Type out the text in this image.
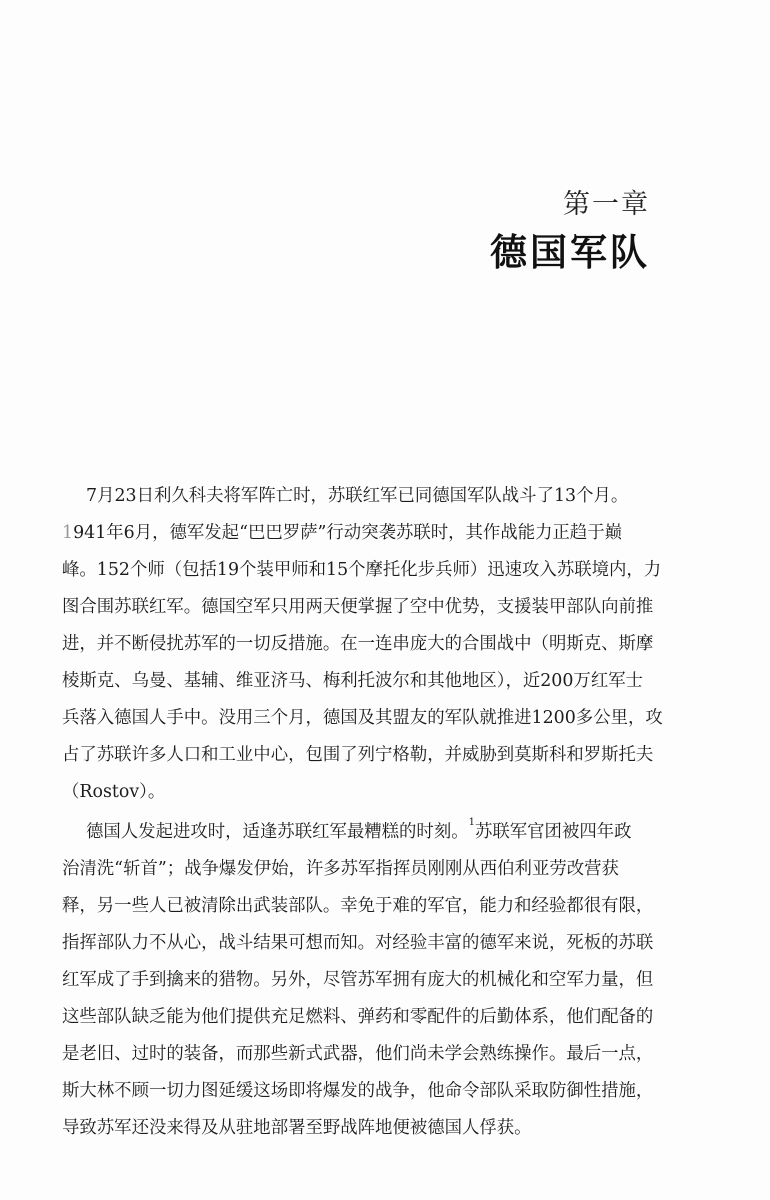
第一章
德国军队
7月23日利久科夫将军阵亡时，苏联红军已同德国军队战斗了13个月。
1941年6月，德军发起“巴巴罗萨”行动突袭苏联时，其作战能力正趋于巅
峰。152个师（包括19个装甲师和15个摩托化步兵师）迅速攻入苏联境内，力
图合围苏联红军。德国空军只用两天便掌握了空中优势，支援装甲部队向前推
进，并不断侵扰苏军的一切反措施。在一连串庞大的合围战中（明斯克、斯摩
棱斯克、乌曼、基辅、维亚济马、梅利托波尔和其他地区），近200万红军士
兵落入德国人手中。没用三个月，德国及其盟友的军队就推进1200多公里，攻
占了苏联许多人口和工业中心，包围了列宁格勒，并威胁到莫斯科和罗斯托夫
（Rostov）。
德国人发起进攻时，适逢苏联红军最糟糕的时刻。$^1$苏联军官团被四年政
治清洗“斩首”；战争爆发伊始，许多苏军指挥员刚刚从西伯利亚劳改营获
释，另一些人已被清除出武装部队。幸免于难的军官，能力和经验都很有限，
指挥部队力不从心，战斗结果可想而知。对经验丰富的德军来说，死板的苏联
红军成了手到擒来的猎物。另外，尽管苏军拥有庞大的机械化和空军力量，但
这些部队缺乏能为他们提供充足燃料、弹药和零配件的后勤体系，他们配备的
是老旧、过时的装备，而那些新式武器，他们尚未学会熟练操作。最后一点，
斯大林不顾一切力图延缓这场即将爆发的战争，他命令部队采取防御性措施，
导致苏军还没来得及从驻地部署至野战阵地便被德国人俘获。
